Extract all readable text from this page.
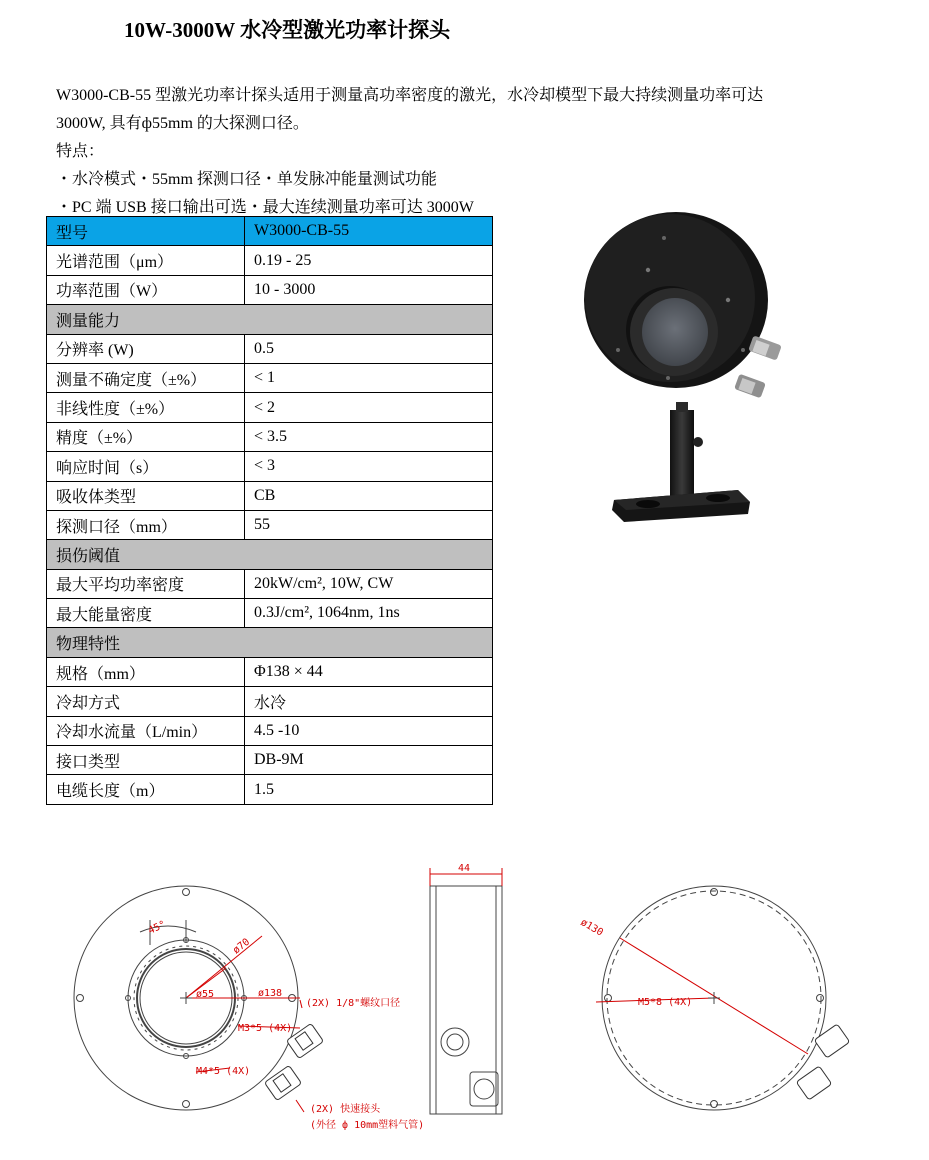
10W-3000W 水冷型激光功率计探头

W3000-CB-55 型激光功率计探头适用于测量高功率密度的激光，水冷却模型下最大持续测量功率可达

3000W, 具有ф55mm 的大探测口径。

特点：

・水冷模式・55mm 探测口径・单发脉冲能量测试功能

・PC 端 USB 接口输出可选・最大连续测量功率可达 3000W

型号	W3000-CB-55
光谱范围（μm）	0.19 - 25
功率范围（W）	10 - 3000
测量能力	
分辨率 (W)	0.5
测量不确定度（±%）	< 1
非线性度（±%）	< 2
精度（±%）	< 3.5
响应时间（s）	< 3
吸收体类型	CB
探测口径（mm）	55
损伤阈值	
最大平均功率密度	20kW/cm², 10W, CW
最大能量密度	0.3J/cm², 1064nm, 1ns
物理特性	
规格（mm）	Φ138 × 44
冷却方式	水冷
冷却水流量（L/min）	4.5 -10
接口类型	DB-9M
电缆长度（m）	1.5
45°
ø70
ø55	ø138
M3*5 (4X)
M4*5 (4X)
(2X) 1/8"螺纹口径
(2X) 快速接头
(外径 ф 10mm塑料气管)
44
ø130
M5*8 (4X)
